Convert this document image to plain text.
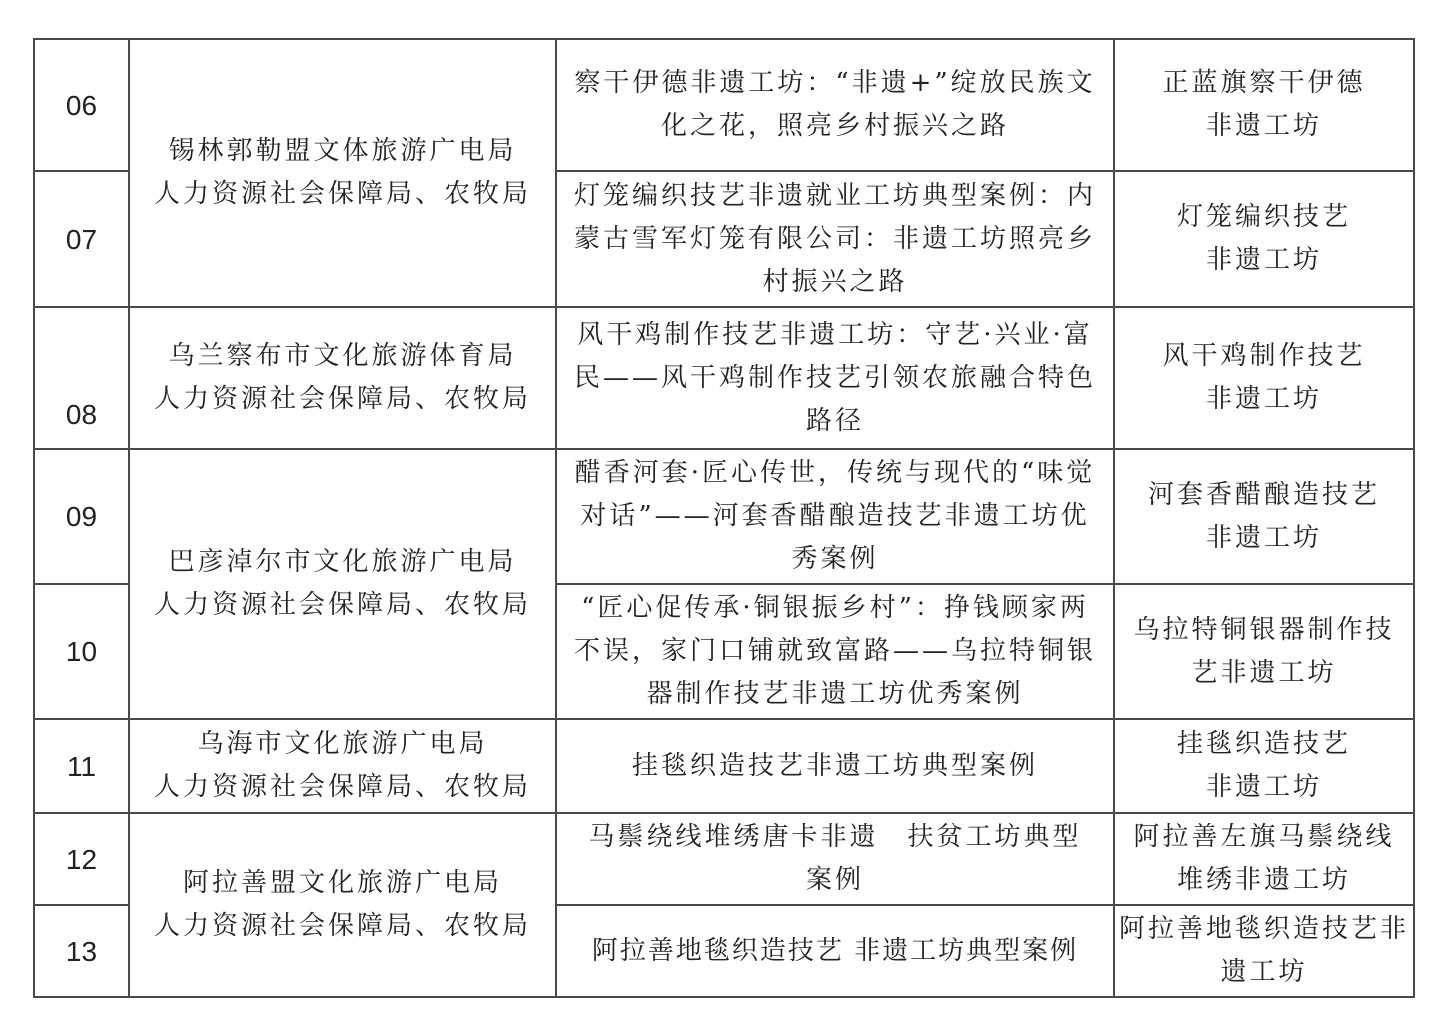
06	锡林郭勒盟文体旅游广电局
人力资源社会保障局、农牧局	察干伊德非遗工坊：“非遗+”绽放民族文化之花，照亮乡村振兴之路	正蓝旗察干伊德非遗工坊
07		灯笼编织技艺非遗就业工坊典型案例：内蒙古雪军灯笼有限公司：非遗工坊照亮乡村振兴之路	灯笼编织技艺非遗工坊
08	乌兰察布市文化旅游体育局
人力资源社会保障局、农牧局	风干鸡制作技艺非遗工坊：守艺·兴业·富民——风干鸡制作技艺引领农旅融合特色路径	风干鸡制作技艺非遗工坊
09	巴彦淖尔市文化旅游广电局
人力资源社会保障局、农牧局	醋香河套·匠心传世，传统与现代的“味觉对话”——河套香醋酿造技艺非遗工坊优秀案例	河套香醋酿造技艺非遗工坊
10		“匠心促传承·铜银振乡村”：挣钱顾家两不误，家门口铺就致富路——乌拉特铜银器制作技艺非遗工坊优秀案例	乌拉特铜银器制作技艺非遗工坊
11	乌海市文化旅游广电局
人力资源社会保障局、农牧局	挂毯织造技艺非遗工坊典型案例	挂毯织造技艺非遗工坊
12	阿拉善盟文化旅游广电局
人力资源社会保障局、农牧局	马鬃绕线堆绣唐卡非遗　扶贫工坊典型案例	阿拉善左旗马鬃绕线堆绣非遗工坊
13		阿拉善地毯织造技艺 非遗工坊典型案例	阿拉善地毯织造技艺非遗工坊
